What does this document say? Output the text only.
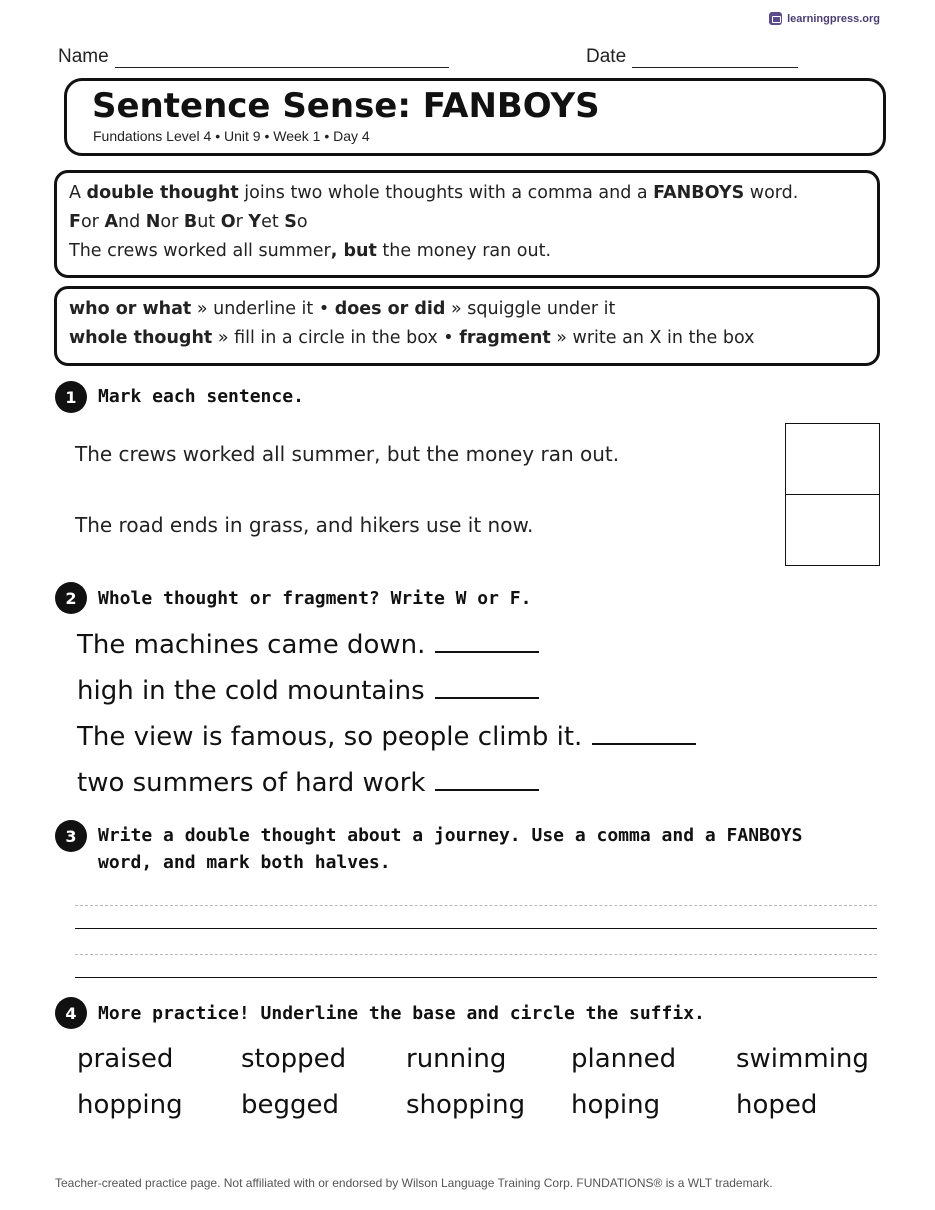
learningpress.org
Name	Date
Sentence Sense: FANBOYS
Fundations Level 4 • Unit 9 • Week 1 • Day 4
A double thought joins two whole thoughts with a comma and a FANBOYS word.
For And Nor But Or Yet So
The crews worked all summer, but the money ran out.
who or what » underline it • does or did » squiggle under it
whole thought » fill in a circle in the box • fragment » write an X in the box
1	Mark each sentence.
The crews worked all summer, but the money ran out.
The road ends in grass, and hikers use it now.
2	Whole thought or fragment? Write W or F.
The machines came down.
high in the cold mountains
The view is famous, so people climb it.
two summers of hard work
3	Write a double thought about a journey. Use a comma and a FANBOYS
word, and mark both halves.
4	More practice! Underline the base and circle the suffix.
praised	stopped running planned swimming
hopping begged	shopping hoping	hoped
Teacher-created practice page. Not affiliated with or endorsed by Wilson Language Training Corp. FUNDATIONS® is a WLT trademark.
